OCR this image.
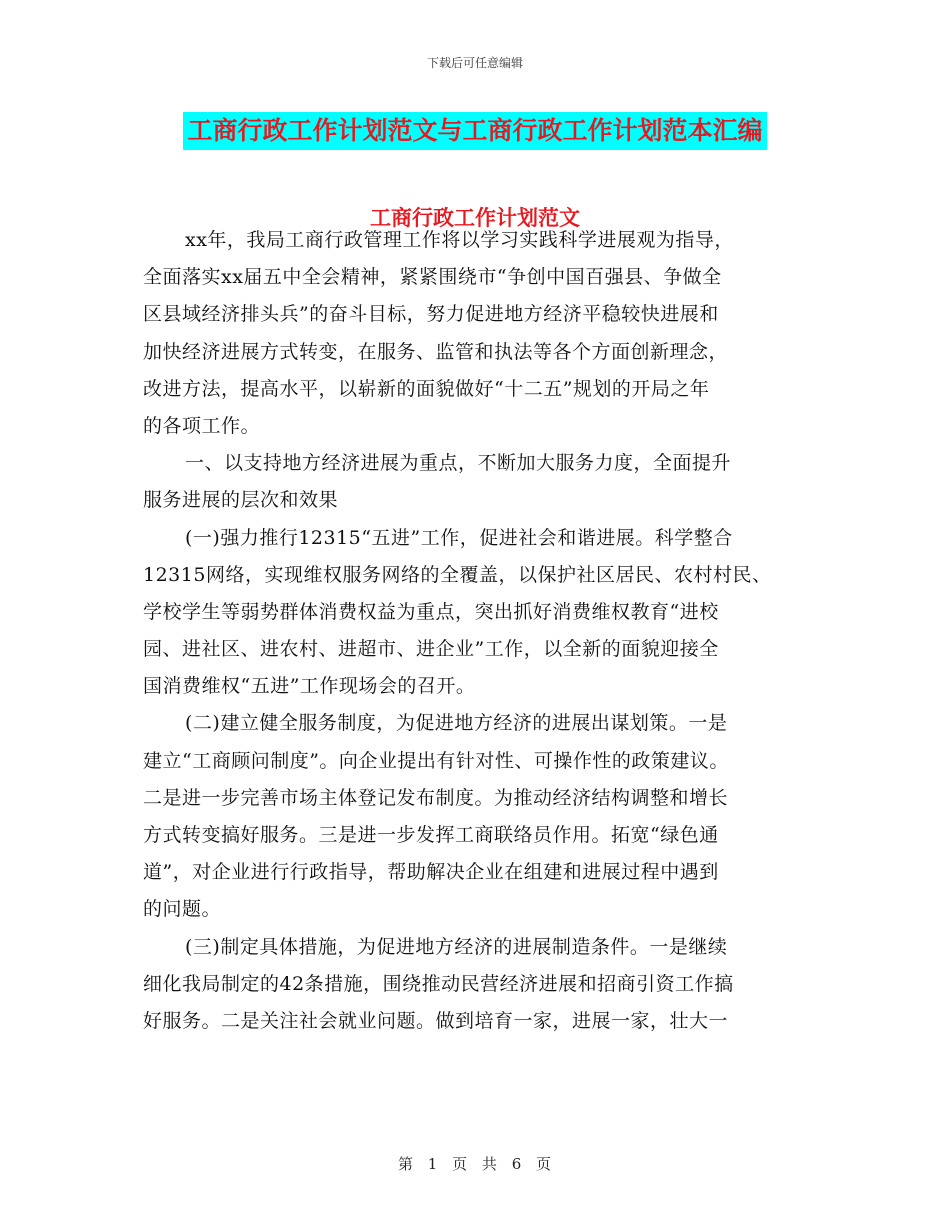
下载后可任意编辑
工商行政工作计划范文与工商行政工作计划范本汇编
工商行政工作计划范文
xx年，我局工商行政管理工作将以学习实践科学进展观为指导，
全面落实xx届五中全会精神，紧紧围绕市“争创中国百强县、争做全
区县域经济排头兵”的奋斗目标，努力促进地方经济平稳较快进展和
加快经济进展方式转变，在服务、监管和执法等各个方面创新理念，
改进方法，提高水平，以崭新的面貌做好“十二五”规划的开局之年
的各项工作。
一、以支持地方经济进展为重点，不断加大服务力度，全面提升
服务进展的层次和效果
(一)强力推行12315“五进”工作，促进社会和谐进展。科学整合
12315网络，实现维权服务网络的全覆盖，以保护社区居民、农村村民、
学校学生等弱势群体消费权益为重点，突出抓好消费维权教育“进校
园、进社区、进农村、进超市、进企业”工作，以全新的面貌迎接全
国消费维权“五进”工作现场会的召开。
(二)建立健全服务制度，为促进地方经济的进展出谋划策。一是
建立“工商顾问制度”。向企业提出有针对性、可操作性的政策建议。
二是进一步完善市场主体登记发布制度。为推动经济结构调整和增长
方式转变搞好服务。三是进一步发挥工商联络员作用。拓宽“绿色通
道”，对企业进行行政指导，帮助解决企业在组建和进展过程中遇到
的问题。
(三)制定具体措施，为促进地方经济的进展制造条件。一是继续
细化我局制定的42条措施，围绕推动民营经济进展和招商引资工作搞
好服务。二是关注社会就业问题。做到培育一家，进展一家，壮大一
第 1 页 共 6 页
